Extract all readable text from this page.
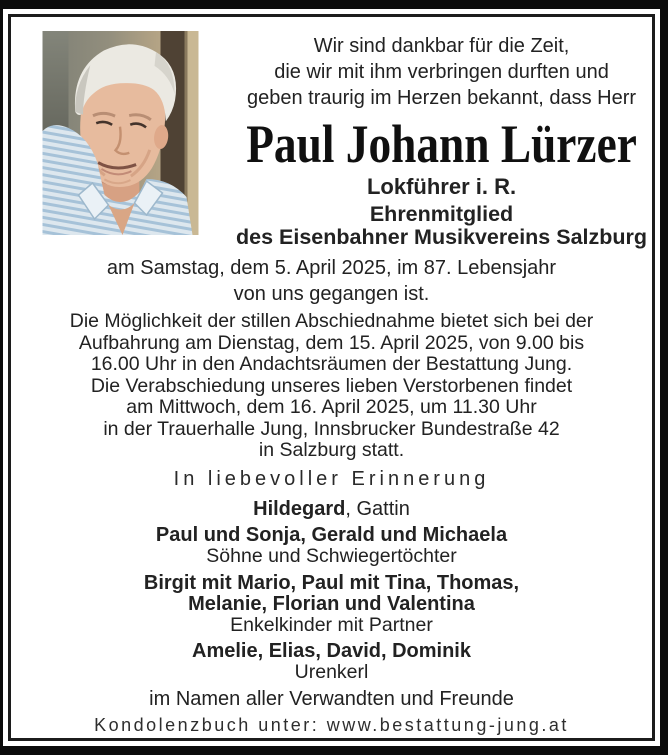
Wir sind dankbar für die Zeit,
die wir mit ihm verbringen durften und
geben traurig im Herzen bekannt, dass Herr
Paul Johann Lürzer
Lokführer i. R.
Ehrenmitglied
des Eisenbahner Musikvereins Salzburg
am Samstag, dem 5. April 2025, im 87. Lebensjahr
von uns gegangen ist.
Die Möglichkeit der stillen Abschiednahme bietet sich bei der
Aufbahrung am Dienstag, dem 15. April 2025, von 9.00 bis
16.00 Uhr in den Andachtsräumen der Bestattung Jung.
Die Verabschiedung unseres lieben Verstorbenen findet
am Mittwoch, dem 16. April 2025, um 11.30 Uhr
in der Trauerhalle Jung, Innsbrucker Bundestraße 42
in Salzburg statt.
In liebevoller Erinnerung
Hildegard, Gattin
Paul und Sonja, Gerald und Michaela
Söhne und Schwiegertöchter
Birgit mit Mario, Paul mit Tina, Thomas,
Melanie, Florian und Valentina
Enkelkinder mit Partner
Amelie, Elias, David, Dominik
Urenkerl
im Namen aller Verwandten und Freunde
Kondolenzbuch unter: www.bestattung-jung.at
